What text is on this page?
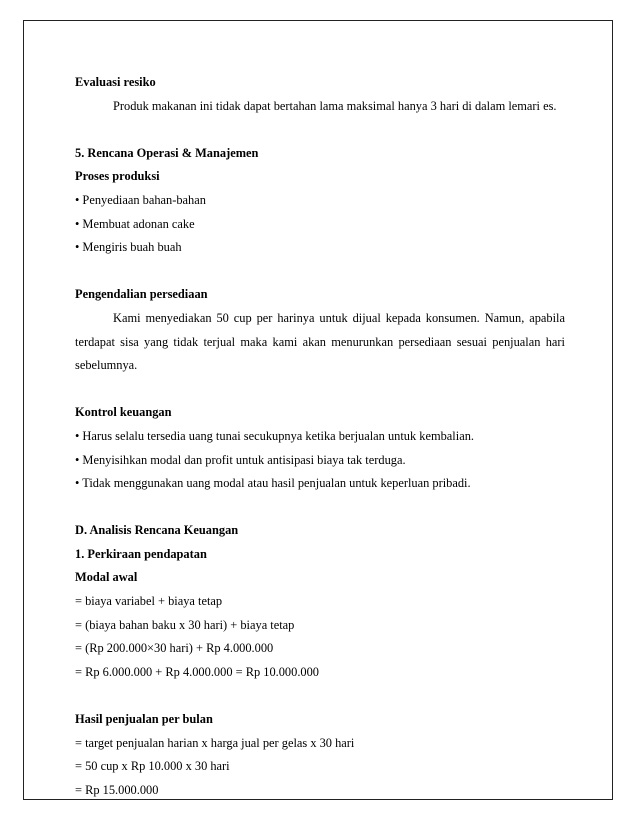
Evaluasi resiko

Produk makanan ini tidak dapat bertahan lama maksimal hanya 3 hari di dalam lemari es.

5. Rencana Operasi & Manajemen

Proses produksi

• Penyediaan bahan-bahan

• Membuat adonan cake

• Mengiris buah buah

Pengendalian persediaan

Kami menyediakan 50 cup per harinya untuk dijual kepada konsumen. Namun, apabila terdapat sisa yang tidak terjual maka kami akan menurunkan persediaan sesuai penjualan hari sebelumnya.

Kontrol keuangan

• Harus selalu tersedia uang tunai secukupnya ketika berjualan untuk kembalian.

• Menyisihkan modal dan profit untuk antisipasi biaya tak terduga.

• Tidak menggunakan uang modal atau hasil penjualan untuk keperluan pribadi.

D. Analisis Rencana Keuangan

1. Perkiraan pendapatan

Modal awal

= biaya variabel + biaya tetap

= (biaya bahan baku x 30 hari) + biaya tetap

= (Rp 200.000×30 hari) + Rp 4.000.000

= Rp 6.000.000 + Rp 4.000.000 = Rp 10.000.000

Hasil penjualan per bulan

= target penjualan harian x harga jual per gelas x 30 hari

= 50 cup x Rp 10.000 x 30 hari

= Rp 15.000.000
